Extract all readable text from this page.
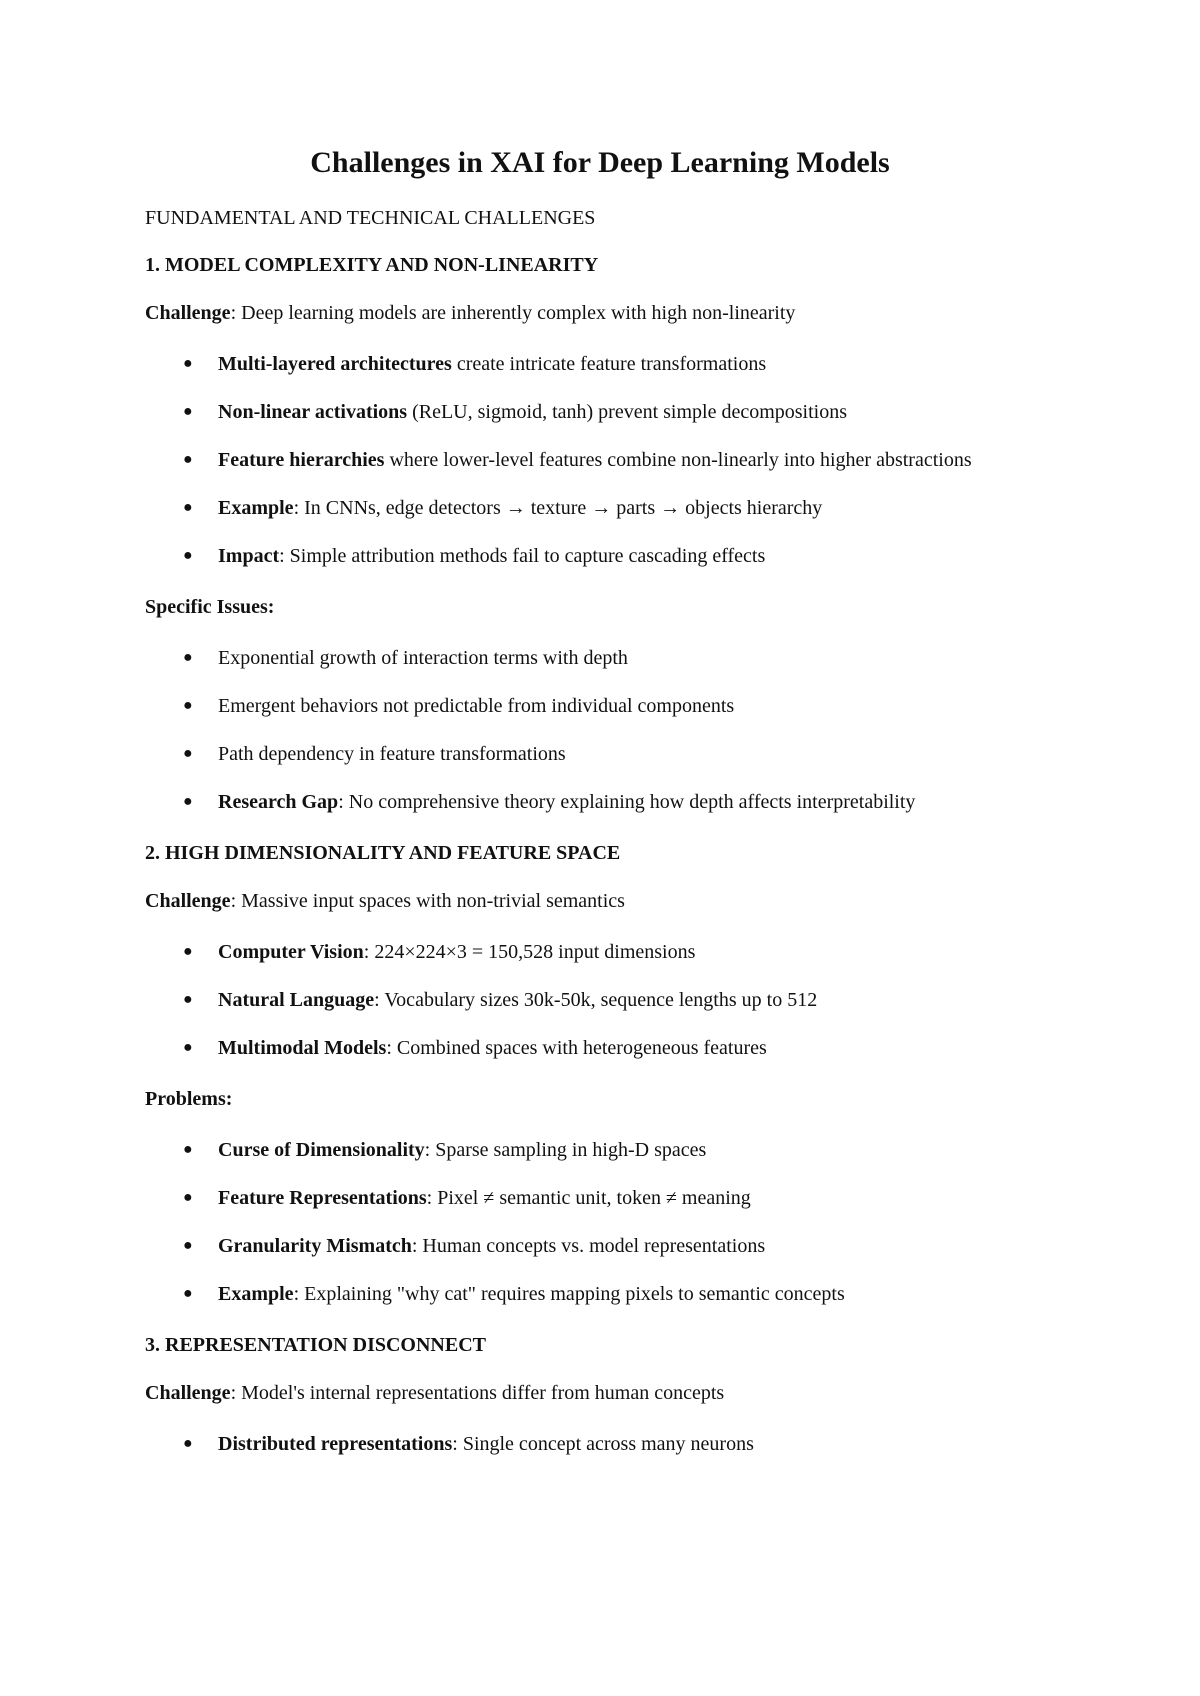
Challenges in XAI for Deep Learning Models

FUNDAMENTAL AND TECHNICAL CHALLENGES

1. MODEL COMPLEXITY AND NON-LINEARITY

Challenge: Deep learning models are inherently complex with high non-linearity

● Multi-layered architectures create intricate feature transformations
● Non-linear activations (ReLU, sigmoid, tanh) prevent simple decompositions
● Feature hierarchies where lower-level features combine non-linearly into higher abstractions
● Example: In CNNs, edge detectors → texture → parts → objects hierarchy
● Impact: Simple attribution methods fail to capture cascading effects

Specific Issues:

● Exponential growth of interaction terms with depth
● Emergent behaviors not predictable from individual components
● Path dependency in feature transformations
● Research Gap: No comprehensive theory explaining how depth affects interpretability

2. HIGH DIMENSIONALITY AND FEATURE SPACE

Challenge: Massive input spaces with non-trivial semantics

● Computer Vision: 224×224×3 = 150,528 input dimensions
● Natural Language: Vocabulary sizes 30k-50k, sequence lengths up to 512
● Multimodal Models: Combined spaces with heterogeneous features

Problems:

● Curse of Dimensionality: Sparse sampling in high-D spaces
● Feature Representations: Pixel ≠ semantic unit, token ≠ meaning
● Granularity Mismatch: Human concepts vs. model representations
● Example: Explaining "why cat" requires mapping pixels to semantic concepts

3. REPRESENTATION DISCONNECT

Challenge: Model's internal representations differ from human concepts

● Distributed representations: Single concept across many neurons
